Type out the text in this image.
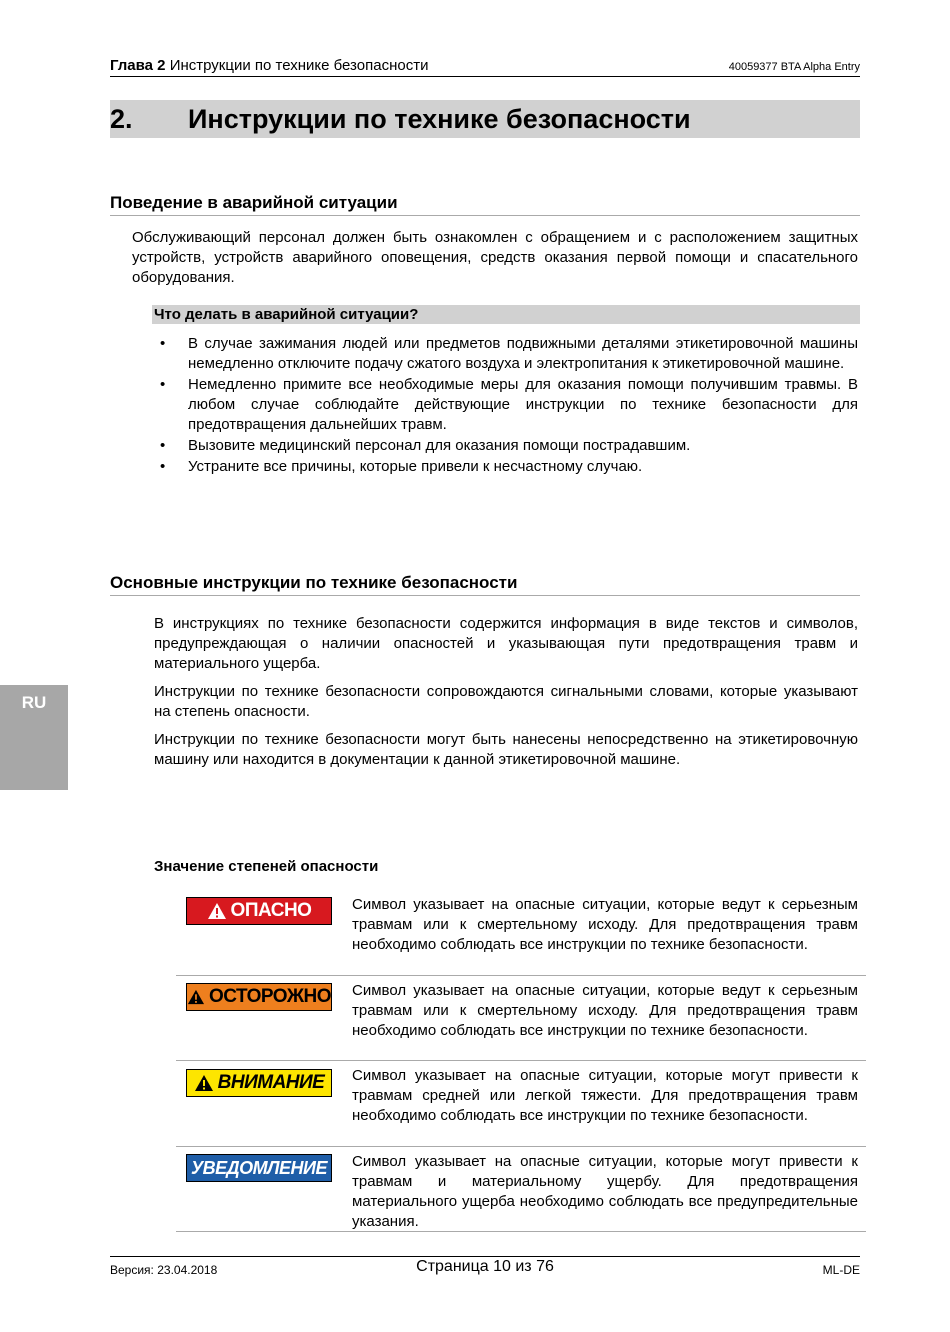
Глава 2 Инструкции по технике безопасности	40059377 BTA Alpha Entry
2. Инструкции по технике безопасности
Поведение в аварийной ситуации
Обслуживающий персонал должен быть ознакомлен с обращением и с расположением защитных устройств, устройств аварийного оповещения, средств оказания первой помощи и спасательного оборудования.
Что делать в аварийной ситуации?
• В случае зажимания людей или предметов подвижными деталями этикетировочной машины немедленно отключите подачу сжатого воздуха и электропитания к этикетировочной машине.
• Немедленно примите все необходимые меры для оказания помощи получившим травмы. В любом случае соблюдайте действующие инструкции по технике безопасности для предотвращения дальнейших травм.
• Вызовите медицинский персонал для оказания помощи пострадавшим.
• Устраните все причины, которые привели к несчастному случаю.
Основные инструкции по технике безопасности
В инструкциях по технике безопасности содержится информация в виде текстов и символов, предупреждающая о наличии опасностей и указывающая пути предотвращения травм и материального ущерба.
Инструкции по технике безопасности сопровождаются сигнальными словами, которые указывают на степень опасности.
Инструкции по технике безопасности могут быть нанесены непосредственно на этикетировочную машину или находится в документации к данной этикетировочной машине.
RU
Значение степеней опасности
ОПАСНО	Символ указывает на опасные ситуации, которые ведут к серьезным травмам или к смертельному исходу. Для предотвращения травм необходимо соблюдать все инструкции по технике безопасности.
ОСТОРОЖНО Символ указывает на опасные ситуации, которые ведут к серьезным травмам или к смертельному исходу. Для предотвращения травм необходимо соблюдать все инструкции по технике безопасности.
ВНИМАНИЕ Символ указывает на опасные ситуации, которые могут привести к травмам средней или легкой тяжести. Для предотвращения травм необходимо соблюдать все инструкции по технике безопасности.
УВЕДОМЛЕНИЕ Символ указывает на опасные ситуации, которые могут привести к травмам и материальному ущербу. Для предотвращения материального ущерба необходимо соблюдать все предупредительные указания.
Версия: 23.04.2018	Страница 10 из 76	ML-DE
